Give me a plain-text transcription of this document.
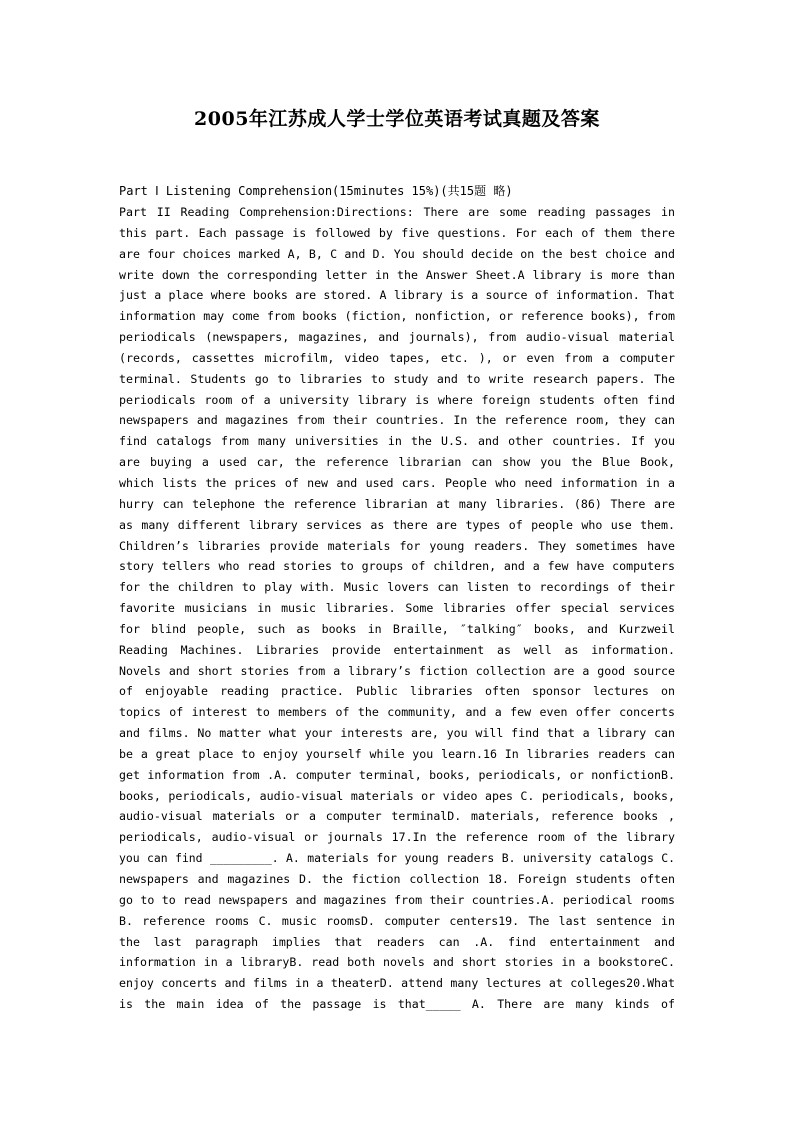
2005年江苏成人学士学位英语考试真题及答案
Part Ⅰ Listening Comprehension(15minutes 15%)(共15题 略)
Part II Reading Comprehension:Directions: There are some reading passages in
this part. Each passage is followed by five questions. For each of them there
are four choices marked A, B, C and D. You should decide on the best choice and
write down the corresponding letter in the Answer Sheet.A library is more than
just a place where books are stored. A library is a source of information. That
information may come from books (fiction, nonfiction, or reference books), from
periodicals (newspapers, magazines, and journals), from audio-visual material
(records, cassettes microfilm, video tapes, etc. ), or even from a computer
terminal. Students go to libraries to study and to write research papers. The
periodicals room of a university library is where foreign students often find
newspapers and magazines from their countries. In the reference room, they can
find catalogs from many universities in the U.S. and other countries. If you
are buying a used car, the reference librarian can show you the Blue Book,
which lists the prices of new and used cars. People who need information in a
hurry can telephone the reference librarian at many libraries. (86) There are
as many different library services as there are types of people who use them.
Children’s libraries provide materials for young readers. They sometimes have
story tellers who read stories to groups of children, and a few have computers
for the children to play with. Music lovers can listen to recordings of their
favorite musicians in music libraries. Some libraries offer special services
for blind people, such as books in Braille, ″talking″ books, and Kurzweil
Reading Machines. Libraries provide entertainment as well as information.
Novels and short stories from a library’s fiction collection are a good source
of enjoyable reading practice. Public libraries often sponsor lectures on
topics of interest to members of the community, and a few even offer concerts
and films. No matter what your interests are, you will find that a library can
be a great place to enjoy yourself while you learn.16 In libraries readers can
get information from .A. computer terminal, books, periodicals, or nonfictionB.
books, periodicals, audio-visual materials or video apes C. periodicals, books,
audio-visual materials or a computer terminalD. materials, reference books ,
periodicals, audio-visual or journals 17.In the reference room of the library
you can find _________. A. materials for young readers B. university catalogs C.
newspapers and magazines D. the fiction collection 18. Foreign students often
go to to read newspapers and magazines from their countries.A. periodical rooms
B. reference rooms C. music roomsD. computer centers19. The last sentence in
the last paragraph implies that readers can .A. find entertainment and
information in a libraryB. read both novels and short stories in a bookstoreC.
enjoy concerts and films in a theaterD. attend many lectures at colleges20.What
is the main idea of the passage is that_____ A. There are many kinds of
